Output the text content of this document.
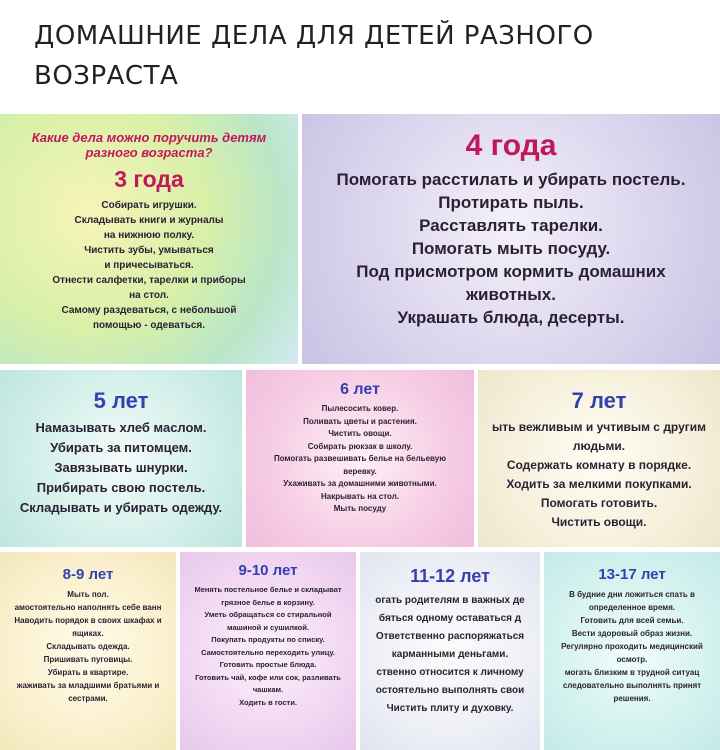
ДОМАШНИЕ ДЕЛА ДЛЯ ДЕТЕЙ РАЗНОГО ВОЗРАСТА
Какие дела можно поручить детям
разного возраста?
3 года
Собирать игрушки.
Складывать книги и журналы
на нижнюю полку.
Чистить зубы, умываться
и причесываться.
Отнести салфетки, тарелки и приборы
на стол.
Самому раздеваться, с небольшой
помощью - одеваться.
4 года
Помогать расстилать и убирать постель.
Протирать пыль.
Расставлять тарелки.
Помогать мыть посуду.
Под присмотром кормить домашних
животных.
Украшать блюда, десерты.
5 лет
Намазывать хлеб маслом.
Убирать за питомцем.
Завязывать шнурки.
Прибирать свою постель.
Складывать и убирать одежду.
6 лет
Пылесосить ковер.
Поливать цветы и растения.
Чистить овощи.
Собирать рюкзак в школу.
Помогать развешивать белье на бельевую
веревку.
Ухаживать за домашними животными.
Накрывать на стол.
Мыть посуду
7 лет
ыть вежливым и учтивым с другим
людьми.
Содержать комнату в порядке.
Ходить за мелкими покупками.
Помогать готовить.
Чистить овощи.
8-9 лет
Мыть пол.
амостоятельно наполнять себе ванн
Наводить порядок в своих шкафах и
ящиках.
Складывать одежда.
Пришивать пуговицы.
Убирать в квартире.
жаживать за младшими братьями и
сестрами.
9-10 лет
Менять постельное белье и складыват
грязное белье в корзину.
Уметь обращаться со стиральной
машиной и сушилкой.
Покупать продукты по списку.
Самостоятельно переходить улицу.
Готовить простые блюда.
Готовить чай, кофе или сок, разливать
чашкам.
Ходить в гости.
11-12 лет
огать родителям в важных де
бяться одному оставаться д
Ответственно распоряжаться
карманными деньгами.
ственно относится к личному
остоятельно выполнять свои
Чистить плиту и духовку.
13-17 лет
В будние дни ложиться спать в
определенное время.
Готовить для всей семьи.
Вести здоровый образ жизни.
Регулярно проходить медицинский
осмотр.
могать близким в трудной ситуац
следовательно выполнять принят
решения.
